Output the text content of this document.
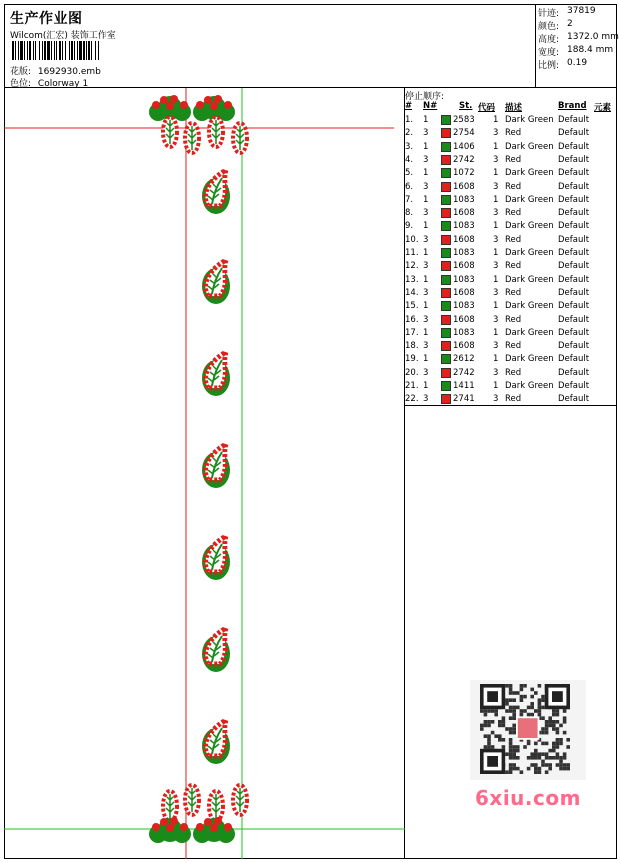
生产作业图
Wilcom(汇宏) 装饰工作室
花版: 1692930.emb
色位: Colorway 1
针迹: 37819
颜色: 2
高度: 1372.0 mm
宽度: 188.4 mm
比例: 0.19
停止顺序:
# N#	St. 代码 描述	Brand 元素
1. 1	2583 1 Dark Green Default
2. 3	2754 3 Red	Default
3. 1	1406 1 Dark Green Default
4. 3	2742 3 Red	Default
5. 1	1072 1 Dark Green Default
6. 3	1608 3 Red	Default
7. 1	1083 1 Dark Green Default
8. 3	1608 3 Red	Default
9. 1	1083 1 Dark Green Default
10. 3	1608 3 Red	Default
11. 1	1083 1 Dark Green Default
12. 3	1608 3 Red	Default
13. 1	1083 1 Dark Green Default
14. 3	1608 3 Red	Default
15. 1	1083 1 Dark Green Default
16. 3	1608 3 Red	Default
17. 1	1083 1 Dark Green Default
18. 3	1608 3 Red	Default
19. 1	2612 1 Dark Green Default
20. 3	2742 3 Red	Default
21. 1	1411 1 Dark Green Default
22. 3	2741 3 Red	Default
6xiu.com
